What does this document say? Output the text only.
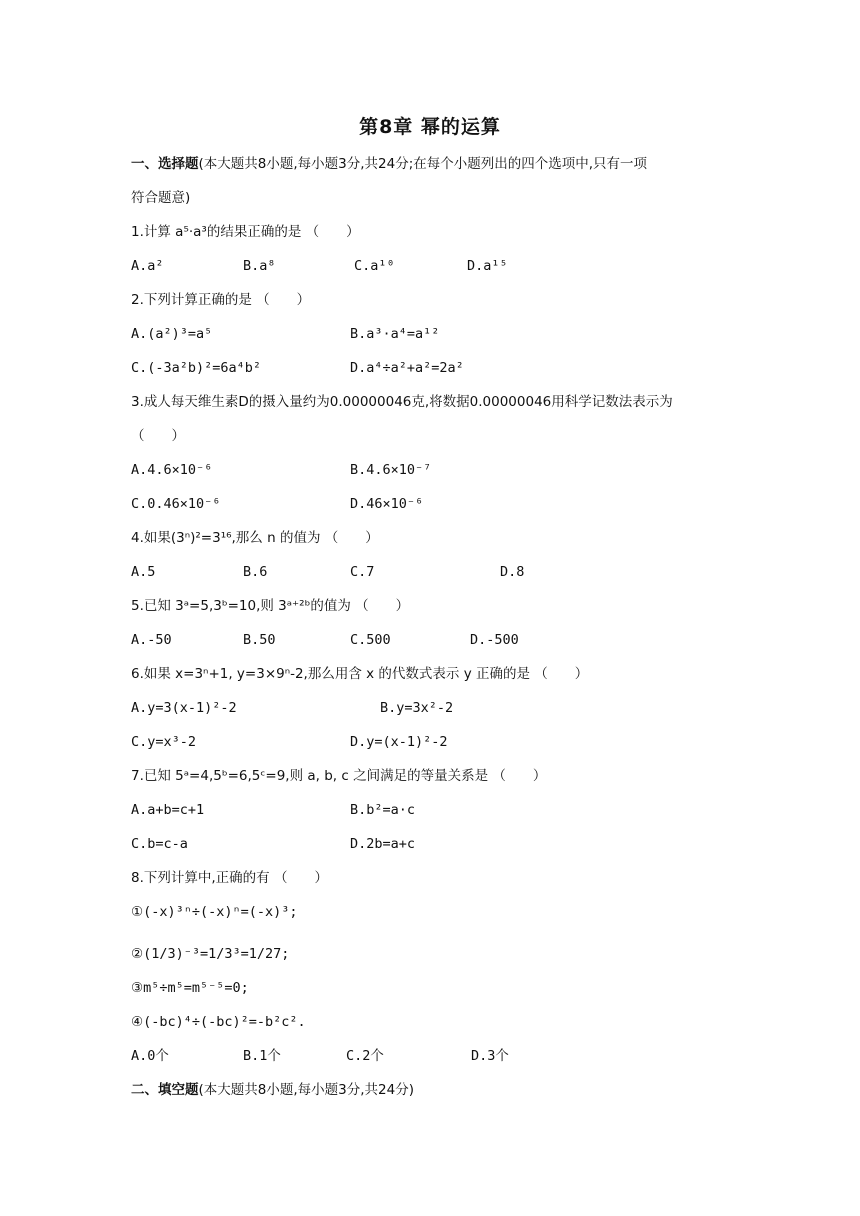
第8章 幂的运算
一、选择题(本大题共8小题,每小题3分,共24分;在每个小题列出的四个选项中,只有一项
符合题意)
1.计算 a⁵·a³的结果正确的是 （　　）
A.a²	B.a⁸	C.a¹⁰	D.a¹⁵
2.下列计算正确的是 （　　）
A.(a²)³=a⁵	B.a³·a⁴=a¹²
C.(-3a²b)²=6a⁴b²	D.a⁴÷a²+a²=2a²
3.成人每天维生素D的摄入量约为0.00000046克,将数据0.00000046用科学记数法表示为
（　　）
A.4.6×10⁻⁶	B.4.6×10⁻⁷
C.0.46×10⁻⁶	D.46×10⁻⁶
4.如果(3ⁿ)²=3¹⁶,那么 n 的值为 （　　）
A.5	B.6	C.7	D.8
5.已知 3ᵃ=5,3ᵇ=10,则 3ᵃ⁺²ᵇ的值为 （　　）
A.-50	B.50	C.500	D.-500
6.如果 x=3ⁿ+1, y=3×9ⁿ-2,那么用含 x 的代数式表示 y 正确的是 （　　）
A.y=3(x-1)²-2	B.y=3x²-2
C.y=x³-2	D.y=(x-1)²-2
7.已知 5ᵃ=4,5ᵇ=6,5ᶜ=9,则 a, b, c 之间满足的等量关系是 （　　）
A.a+b=c+1	B.b²=a·c
C.b=c-a	D.2b=a+c
8.下列计算中,正确的有 （　　）
①(-x)³ⁿ÷(-x)ⁿ=(-x)³;
②(1/3)⁻³=1/3³=1/27;
③m⁵÷m⁵=m⁵⁻⁵=0;
④(-bc)⁴÷(-bc)²=-b²c².
A.0个	B.1个	C.2个	D.3个
二、填空题(本大题共8小题,每小题3分,共24分)
